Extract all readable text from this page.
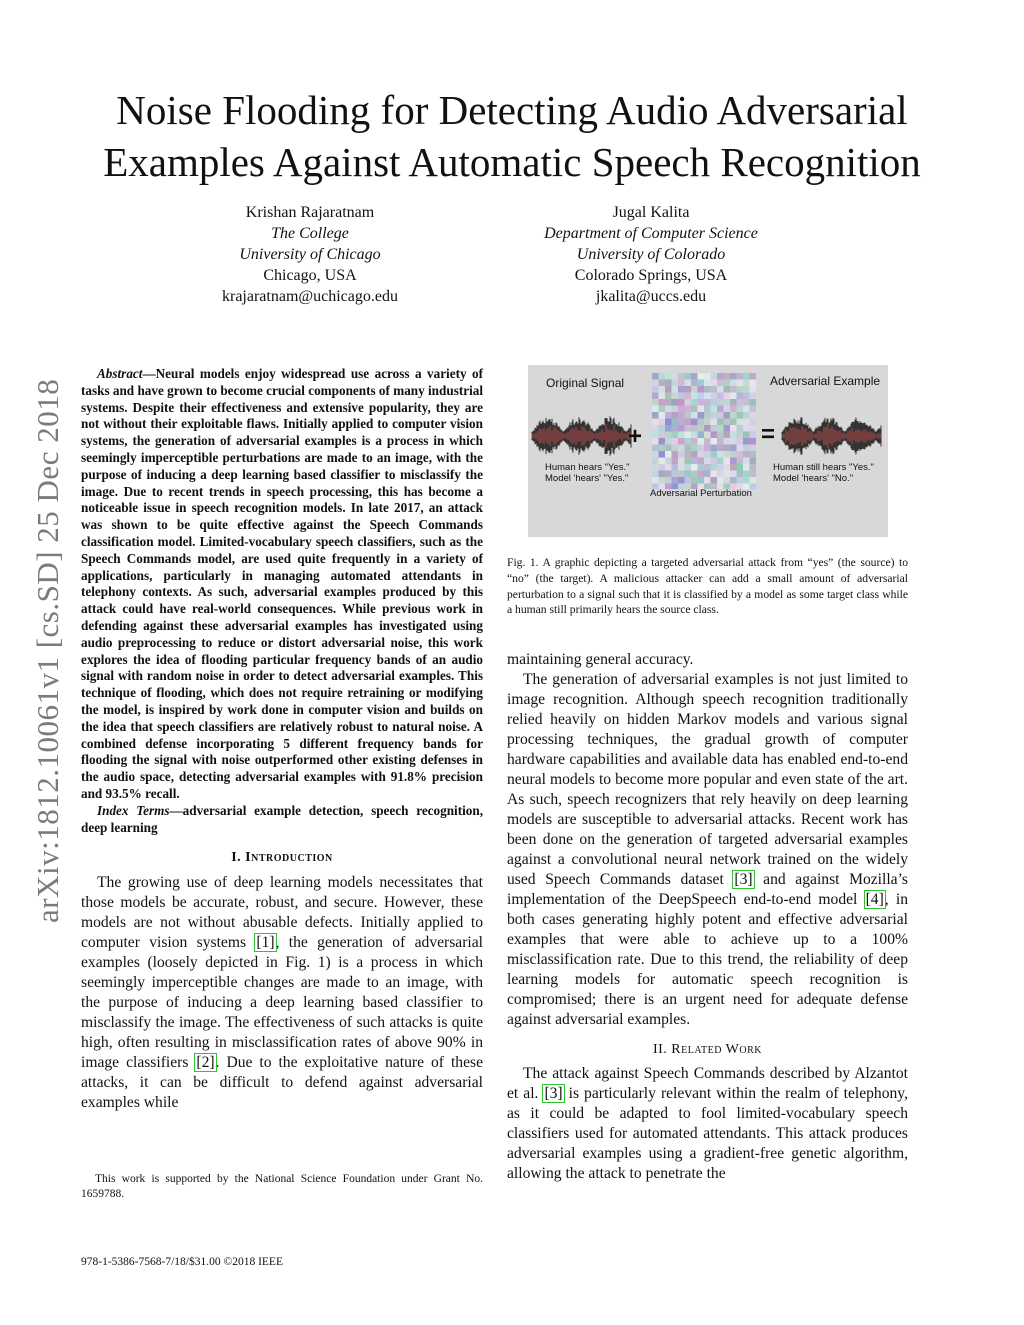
Noise Flooding for Detecting Audio Adversarial
Examples Against Automatic Speech Recognition
Krishan Rajaratnam
The College
University of Chicago
Chicago, USA
krajaratnam@uchicago.edu
Jugal Kalita
Department of Computer Science
University of Colorado
Colorado Springs, USA
jkalita@uccs.edu
arXiv:1812.10061v1 [cs.SD] 25 Dec 2018

Abstract—Neural models enjoy widespread use across a variety of tasks and have grown to become crucial components of many industrial systems. Despite their effectiveness and extensive popularity, they are not without their exploitable flaws. Initially applied to computer vision systems, the generation of adversarial examples is a process in which seemingly imperceptible perturbations are made to an image, with the purpose of inducing a deep learning based classifier to misclassify the image. Due to recent trends in speech processing, this has become a noticeable issue in speech recognition models. In late 2017, an attack was shown to be quite effective against the Speech Commands classification model. Limited-vocabulary speech classifiers, such as the Speech Commands model, are used quite frequently in a variety of applications, particularly in managing automated attendants in telephony contexts. As such, adversarial examples produced by this attack could have real-world consequences. While previous work in defending against these adversarial examples has investigated using audio preprocessing to reduce or distort adversarial noise, this work explores the idea of flooding particular frequency bands of an audio signal with random noise in order to detect adversarial examples. This technique of flooding, which does not require retraining or modifying the model, is inspired by work done in computer vision and builds on the idea that speech classifiers are relatively robust to natural noise. A combined defense incorporating 5 different frequency bands for flooding the signal with noise outperformed other existing defenses in the audio space, detecting adversarial examples with 91.8% precision and 93.5% recall.

Index Terms—adversarial example detection, speech recognition, deep learning

I. Introduction

The growing use of deep learning models necessitates that those models be accurate, robust, and secure. However, these models are not without abusable defects. Initially applied to computer vision systems [1], the generation of adversarial examples (loosely depicted in Fig. 1) is a process in which seemingly imperceptible changes are made to an image, with the purpose of inducing a deep learning based classifier to misclassify the image. The effectiveness of such attacks is quite high, often resulting in misclassification rates of above 90% in image classifiers [2]. Due to the exploitative nature of these attacks, it can be difficult to defend against adversarial examples while

This work is supported by the National Science Foundation under Grant No. 1659788.

Original Signal	Adversarial Example
+	=
Human hears "Yes."
Model 'hears' "Yes."
Human still hears "Yes."
Model 'hears' "No."
Adversarial Perturbation
Fig. 1. A graphic depicting a targeted adversarial attack from “yes” (the source) to “no” (the target). A malicious attacker can add a small amount of adversarial perturbation to a signal such that it is classified by a model as some target class while a human still primarily hears the source class.

maintaining general accuracy.

The generation of adversarial examples is not just limited to image recognition. Although speech recognition traditionally relied heavily on hidden Markov models and various signal processing techniques, the gradual growth of computer hardware capabilities and available data has enabled end-to-end neural models to become more popular and even state of the art. As such, speech recognizers that rely heavily on deep learning models are susceptible to adversarial attacks. Recent work has been done on the generation of targeted adversarial examples against a convolutional neural network trained on the widely used Speech Commands dataset [3] and against Mozilla’s implementation of the DeepSpeech end-to-end model [4], in both cases generating highly potent and effective adversarial examples that were able to achieve up to a 100% misclassification rate. Due to this trend, the reliability of deep learning models for automatic speech recognition is compromised; there is an urgent need for adequate defense against adversarial examples.

II. Related Work

The attack against Speech Commands described by Alzantot et al. [3] is particularly relevant within the realm of telephony, as it could be adapted to fool limited-vocabulary speech classifiers used for automated attendants. This attack produces adversarial examples using a gradient-free genetic algorithm, allowing the attack to penetrate the

978-1-5386-7568-7/18/$31.00 ©2018 IEEE
